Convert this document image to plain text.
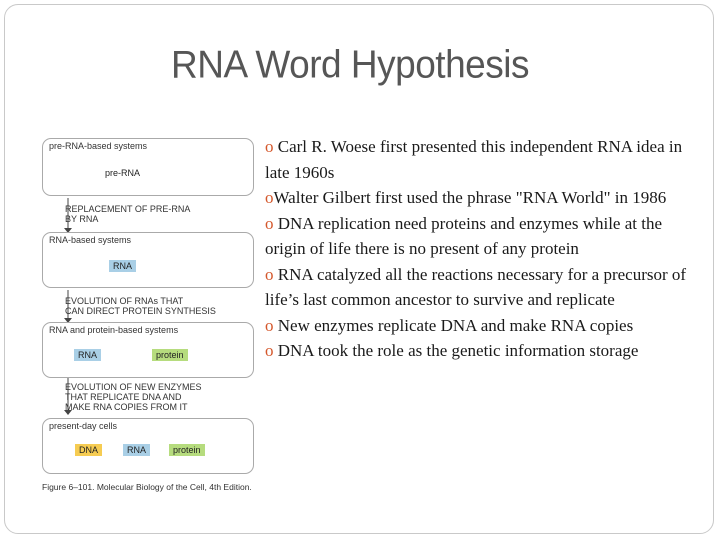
RNA Word Hypothesis
pre-RNA-based systems
pre-RNA
REPLACEMENT OF PRE-RNA
BY RNA
RNA-based systems
RNA
EVOLUTION OF RNAs THAT
CAN DIRECT PROTEIN SYNTHESIS
RNA and protein-based systems
RNA	protein
EVOLUTION OF NEW ENZYMES
THAT REPLICATE DNA AND
MAKE RNA COPIES FROM IT
present-day cells
DNA	RNA	protein
Figure 6–101. Molecular Biology of the Cell, 4th Edition.
o Carl R. Woese first presented this independent RNA idea in late 1960s
oWalter Gilbert first used the phrase "RNA World" in 1986
o DNA replication need proteins and enzymes while at the origin of life there is no present of any protein
o RNA catalyzed all the reactions necessary for a precursor of life’s last common ancestor to survive and replicate
o New enzymes replicate DNA and make RNA copies
o DNA took the role as the genetic information storage
